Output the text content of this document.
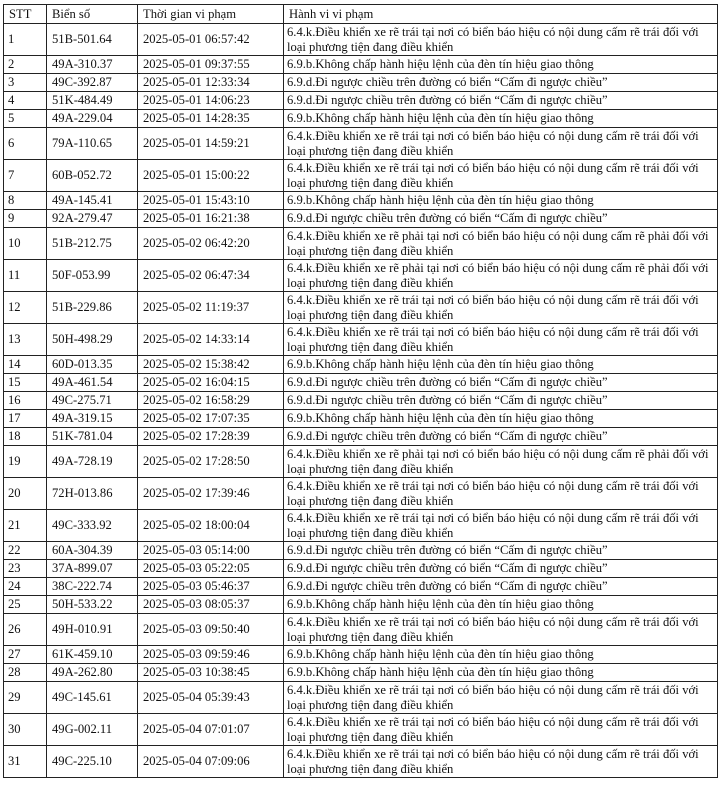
STT	Biển số	Thời gian vi phạm	Hành vi vi phạm
1	51B-501.64	2025-05-01 06:57:42	6.4.k.Điều khiển xe rẽ trái tại nơi có biển báo hiệu có nội dung cấm rẽ trái đối với loại phương tiện đang điều khiển
2	49A-310.37	2025-05-01 09:37:55	6.9.b.Không chấp hành hiệu lệnh của đèn tín hiệu giao thông
3	49C-392.87	2025-05-01 12:33:34	6.9.d.Đi ngược chiều trên đường có biển “Cấm đi ngược chiều”
4	51K-484.49	2025-05-01 14:06:23	6.9.d.Đi ngược chiều trên đường có biển “Cấm đi ngược chiều”
5	49A-229.04	2025-05-01 14:28:35	6.9.b.Không chấp hành hiệu lệnh của đèn tín hiệu giao thông
6	79A-110.65	2025-05-01 14:59:21	6.4.k.Điều khiển xe rẽ trái tại nơi có biển báo hiệu có nội dung cấm rẽ trái đối với loại phương tiện đang điều khiển
7	60B-052.72	2025-05-01 15:00:22	6.4.k.Điều khiển xe rẽ trái tại nơi có biển báo hiệu có nội dung cấm rẽ trái đối với loại phương tiện đang điều khiển
8	49A-145.41	2025-05-01 15:43:10	6.9.b.Không chấp hành hiệu lệnh của đèn tín hiệu giao thông
9	92A-279.47	2025-05-01 16:21:38	6.9.d.Đi ngược chiều trên đường có biển “Cấm đi ngược chiều”
10	51B-212.75	2025-05-02 06:42:20	6.4.k.Điều khiển xe rẽ phải tại nơi có biển báo hiệu có nội dung cấm rẽ phải đối với loại phương tiện đang điều khiển
11	50F-053.99	2025-05-02 06:47:34	6.4.k.Điều khiển xe rẽ phải tại nơi có biển báo hiệu có nội dung cấm rẽ phải đối với loại phương tiện đang điều khiển
12	51B-229.86	2025-05-02 11:19:37	6.4.k.Điều khiển xe rẽ trái tại nơi có biển báo hiệu có nội dung cấm rẽ trái đối với loại phương tiện đang điều khiển
13	50H-498.29	2025-05-02 14:33:14	6.4.k.Điều khiển xe rẽ trái tại nơi có biển báo hiệu có nội dung cấm rẽ trái đối với loại phương tiện đang điều khiển
14	60D-013.35	2025-05-02 15:38:42	6.9.b.Không chấp hành hiệu lệnh của đèn tín hiệu giao thông
15	49A-461.54	2025-05-02 16:04:15	6.9.d.Đi ngược chiều trên đường có biển “Cấm đi ngược chiều”
16	49C-275.71	2025-05-02 16:58:29	6.9.d.Đi ngược chiều trên đường có biển “Cấm đi ngược chiều”
17	49A-319.15	2025-05-02 17:07:35	6.9.b.Không chấp hành hiệu lệnh của đèn tín hiệu giao thông
18	51K-781.04	2025-05-02 17:28:39	6.9.d.Đi ngược chiều trên đường có biển “Cấm đi ngược chiều”
19	49A-728.19	2025-05-02 17:28:50	6.4.k.Điều khiển xe rẽ phải tại nơi có biển báo hiệu có nội dung cấm rẽ phải đối với loại phương tiện đang điều khiển
20	72H-013.86	2025-05-02 17:39:46	6.4.k.Điều khiển xe rẽ trái tại nơi có biển báo hiệu có nội dung cấm rẽ trái đối với loại phương tiện đang điều khiển
21	49C-333.92	2025-05-02 18:00:04	6.4.k.Điều khiển xe rẽ trái tại nơi có biển báo hiệu có nội dung cấm rẽ trái đối với loại phương tiện đang điều khiển
22	60A-304.39	2025-05-03 05:14:00	6.9.d.Đi ngược chiều trên đường có biển “Cấm đi ngược chiều”
23	37A-899.07	2025-05-03 05:22:05	6.9.d.Đi ngược chiều trên đường có biển “Cấm đi ngược chiều”
24	38C-222.74	2025-05-03 05:46:37	6.9.d.Đi ngược chiều trên đường có biển “Cấm đi ngược chiều”
25	50H-533.22	2025-05-03 08:05:37	6.9.b.Không chấp hành hiệu lệnh của đèn tín hiệu giao thông
26	49H-010.91	2025-05-03 09:50:40	6.4.k.Điều khiển xe rẽ trái tại nơi có biển báo hiệu có nội dung cấm rẽ trái đối với loại phương tiện đang điều khiển
27	61K-459.10	2025-05-03 09:59:46	6.9.b.Không chấp hành hiệu lệnh của đèn tín hiệu giao thông
28	49A-262.80	2025-05-03 10:38:45	6.9.b.Không chấp hành hiệu lệnh của đèn tín hiệu giao thông
29	49C-145.61	2025-05-04 05:39:43	6.4.k.Điều khiển xe rẽ trái tại nơi có biển báo hiệu có nội dung cấm rẽ trái đối với loại phương tiện đang điều khiển
30	49G-002.11	2025-05-04 07:01:07	6.4.k.Điều khiển xe rẽ trái tại nơi có biển báo hiệu có nội dung cấm rẽ trái đối với loại phương tiện đang điều khiển
31	49C-225.10	2025-05-04 07:09:06	6.4.k.Điều khiển xe rẽ trái tại nơi có biển báo hiệu có nội dung cấm rẽ trái đối với loại phương tiện đang điều khiển
